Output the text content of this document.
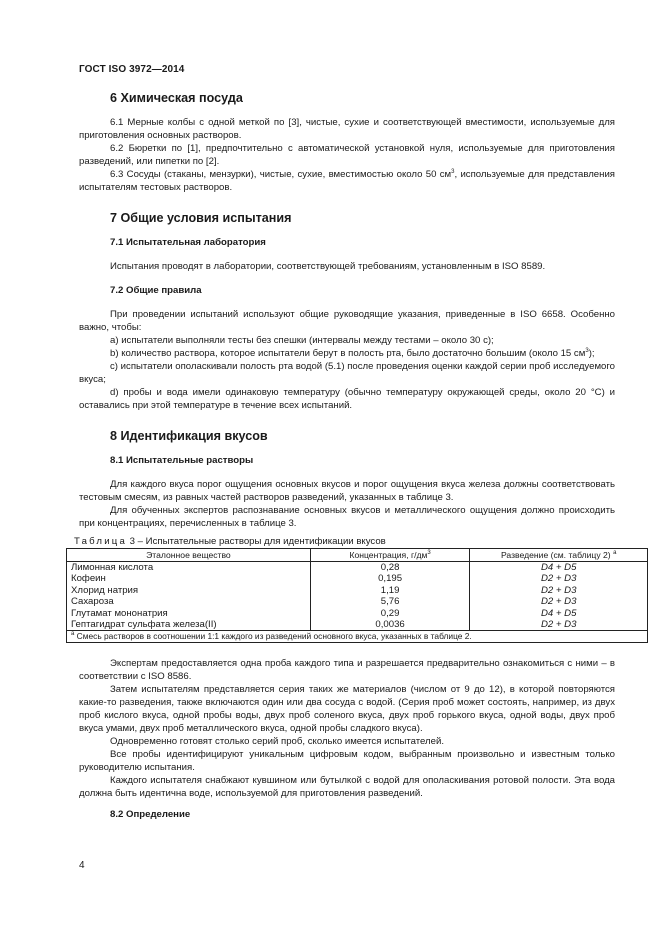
ГОСТ ISO 3972—2014
6 Химическая посуда

6.1 Мерные колбы с одной меткой по [3], чистые, сухие и соответствующей вместимости, используемые для приготовления основных растворов.

6.2 Бюретки по [1], предпочтительно с автоматической установкой нуля, используемые для приготовления разведений, или пипетки по [2].

6.3 Сосуды (стаканы, мензурки), чистые, сухие, вместимостью около 50 $см^3$, используемые для представления испытателям тестовых растворов.

7 Общие условия испытания
7.1 Испытательная лаборатория

Испытания проводят в лаборатории, соответствующей требованиям, установленным в ISO 8589.

7.2 Общие правила

При проведении испытаний используют общие руководящие указания, приведенные в ISO 6658. Особенно важно, чтобы:

а) испытатели выполняли тесты без спешки (интервалы между тестами – около 30 с);

b) количество раствора, которое испытатели берут в полость рта, было достаточно большим (около 15 $см^3$);

с) испытатели ополаскивали полость рта водой (5.1) после проведения оценки каждой серии проб исследуемого вкуса;

d) пробы и вода имели одинаковую температуру (обычно температуру окружающей среды, около 20 °C) и оставались при этой температуре в течение всех испытаний.

8 Идентификация вкусов
8.1 Испытательные растворы

Для каждого вкуса порог ощущения основных вкусов и порог ощущения вкуса железа должны соответствовать тестовым смесям, из равных частей растворов разведений, указанных в таблице 3.

Для обученных экспертов распознавание основных вкусов и металлического ощущения должно происходить при концентрациях, перечисленных в таблице 3.

Таблица 3 – Испытательные растворы для идентификации вкусов
Эталонное вещество	Концентрация, $г/дм^3$	Разведение (см. таблицу 2) $^a$
Лимонная кислота	0,28	D4 + D5
Кофеин	0,195	D2 + D3
Хлорид натрия	1,19	D2 + D3
Сахароза	5,76	D2 + D3
Глутамат мононатрия	0,29	D4 + D5
Гептагидрат сульфата железа(II)	0,0036	D2 + D3
$^a$ Смесь растворов в соотношении 1:1 каждого из разведений основного вкуса, указанных в таблице 2.		

Экспертам предоставляется одна проба каждого типа и разрешается предварительно ознакомиться с ними – в соответствии с ISO 8586.

Затем испытателям представляется серия таких же материалов (числом от 9 до 12), в которой повторяются какие-то разведения, также включаются один или два сосуда с водой. (Серия проб может состоять, например, из двух проб кислого вкуса, одной пробы воды, двух проб соленого вкуса, двух проб горького вкуса, одной воды, двух проб вкуса умами, двух проб металлического вкуса, одной пробы сладкого вкуса).

Одновременно готовят столько серий проб, сколько имеется испытателей.

Все пробы идентифицируют уникальным цифровым кодом, выбранным произвольно и известным только руководителю испытания.

Каждого испытателя снабжают кувшином или бутылкой с водой для ополаскивания ротовой полости. Эта вода должна быть идентична воде, используемой для приготовления разведений.

8.2 Определение
4
